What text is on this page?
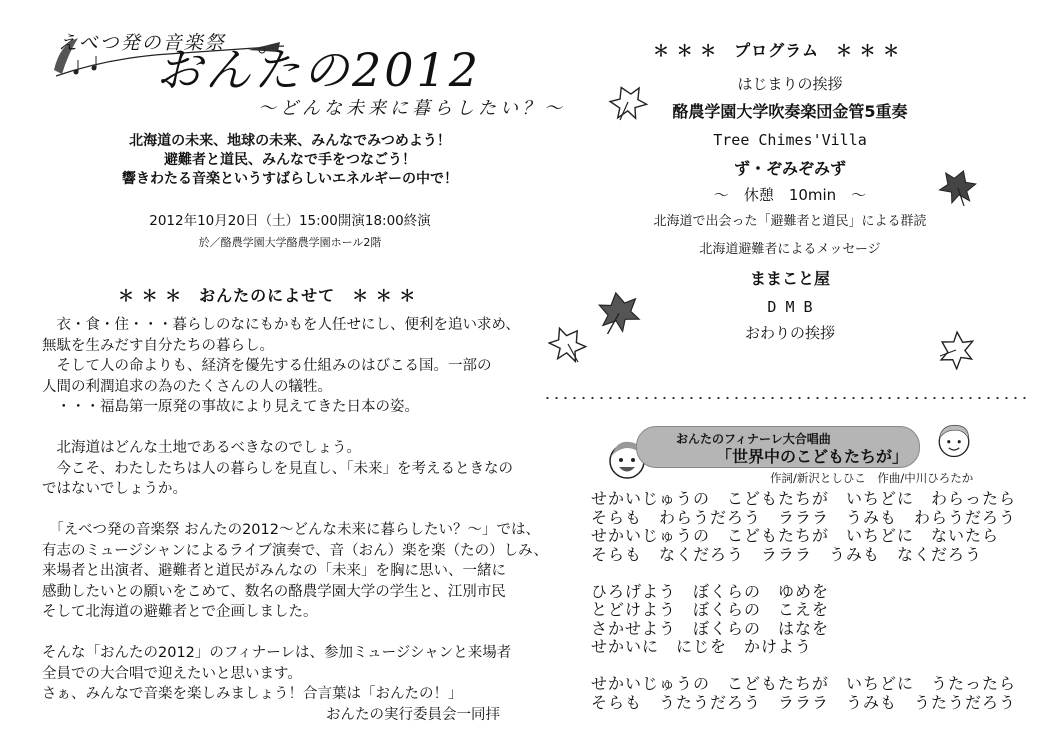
えべつ発の音楽祭
おんたの2012
〜どんな未来に暮らしたい？〜
北海道の未来、地球の未来、みんなでみつめよう！
避難者と道民、みんなで手をつなごう！
響きわたる音楽というすばらしいエネルギーの中で！
2012年10月20日（土）15:00開演18:00終演
於／酪農学園大学酪農学園ホール2階
＊ ＊ ＊　おんたのによせて　＊ ＊ ＊
　衣・食・住・・・暮らしのなにもかもを人任せにし、便利を追い求め、
無駄を生みだす自分たちの暮らし。
　そして人の命よりも、経済を優先する仕組みのはびこる国。一部の
人間の利潤追求の為のたくさんの人の犠牲。
　・・・福島第一原発の事故により見えてきた日本の姿。
　北海道はどんな土地であるべきなのでしょう。
　今こそ、わたしたちは人の暮らしを見直し、「未来」を考えるときなの
ではないでしょうか。
　「えべつ発の音楽祭 おんたの2012〜どんな未来に暮らしたい？〜」では、
有志のミュージシャンによるライブ演奏で、音（おん）楽を楽（たの）しみ、
来場者と出演者、避難者と道民がみんなの「未来」を胸に思い、一緒に
感動したいとの願いをこめて、数名の酪農学園大学の学生と、江別市民
そして北海道の避難者とで企画しました。
そんな「おんたの2012」のフィナーレは、参加ミュージシャンと来場者
全員での大合唱で迎えたいと思います。
さぁ、みんなで音楽を楽しみましょう！合言葉は「おんたの！」
おんたの実行委員会一同拝
＊ ＊ ＊　プログラム　＊ ＊ ＊
はじまりの挨拶
酪農学園大学吹奏楽団金管5重奏
Tree Chimes'Villa
ず・ぞみぞみず
〜　休憩　10min　〜
北海道で出会った「避難者と道民」による群読
北海道避難者によるメッセージ
ままこと屋
D M B
おわりの挨拶
おんたのフィナーレ大合唱曲
「世界中のこどもたちが」
作詞/新沢としひこ　作曲/中川ひろたか
せかいじゅうの　こどもたちが　いちどに　わらったら
そらも　わらうだろう　ラララ　うみも　わらうだろう
せかいじゅうの　こどもたちが　いちどに　ないたら
そらも　なくだろう　ラララ　うみも　なくだろう
ひろげよう　ぼくらの　ゆめを
とどけよう　ぼくらの　こえを
さかせよう　ぼくらの　はなを
せかいに　にじを　かけよう
せかいじゅうの　こどもたちが　いちどに　うたったら
そらも　うたうだろう　ラララ　うみも　うたうだろう
